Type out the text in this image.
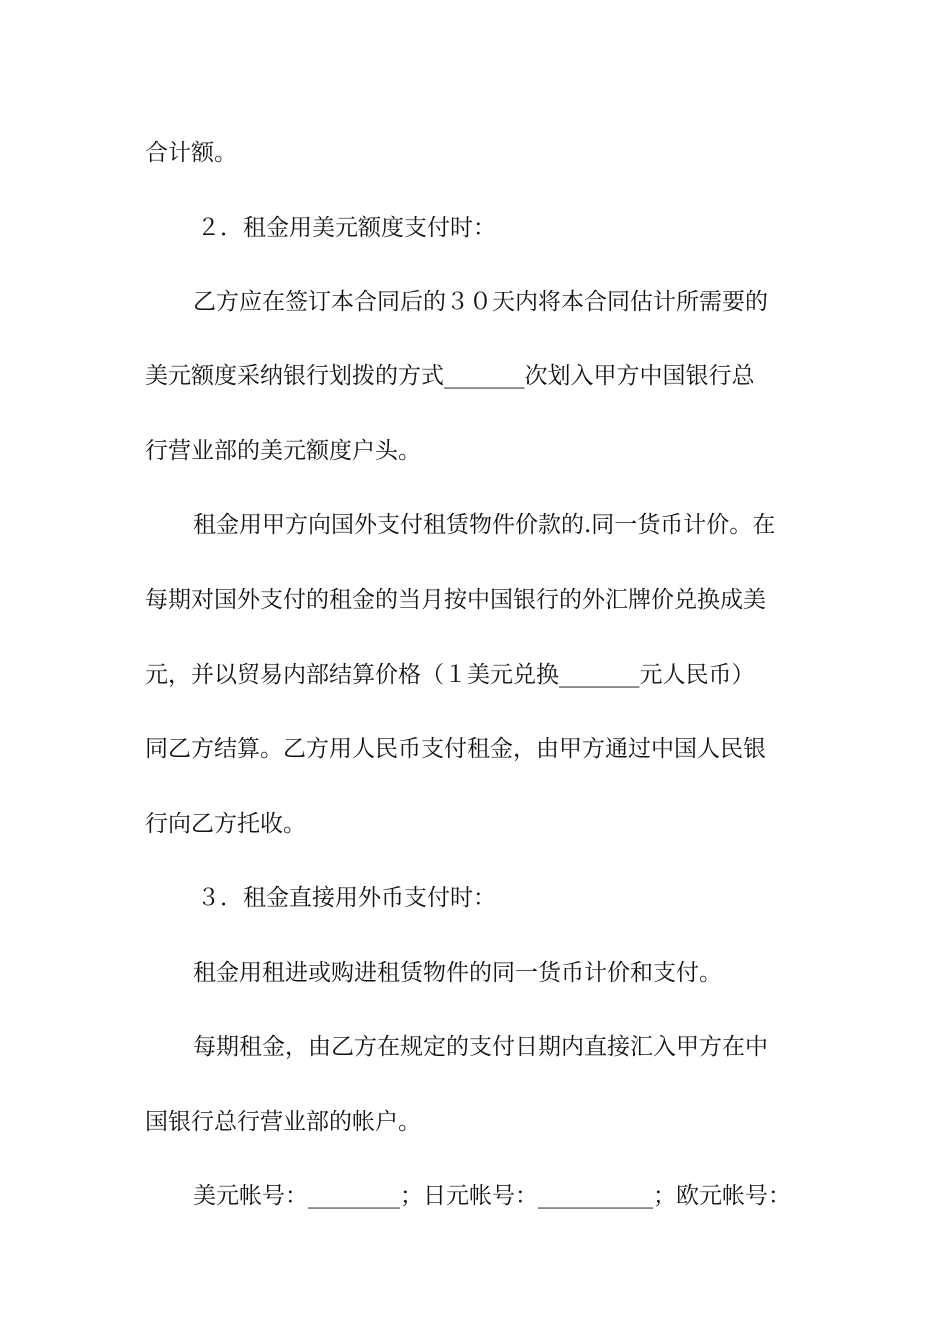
合计额。
２．租金用美元额度支付时：
乙方应在签订本合同后的３０天内将本合同估计所需要的
美元额度采纳银行划拨的方式_______次划入甲方中国银行总
行营业部的美元额度户头。
租金用甲方向国外支付租赁物件价款的.同一货币计价。在
每期对国外支付的租金的当月按中国银行的外汇牌价兑换成美
元，并以贸易内部结算价格（１美元兑换_______元人民币）
同乙方结算。乙方用人民币支付租金，由甲方通过中国人民银
行向乙方托收。
３．租金直接用外币支付时：
租金用租进或购进租赁物件的同一货币计价和支付。
每期租金，由乙方在规定的支付日期内直接汇入甲方在中
国银行总行营业部的帐户。
美元帐号：________；日元帐号：__________；欧元帐号：
